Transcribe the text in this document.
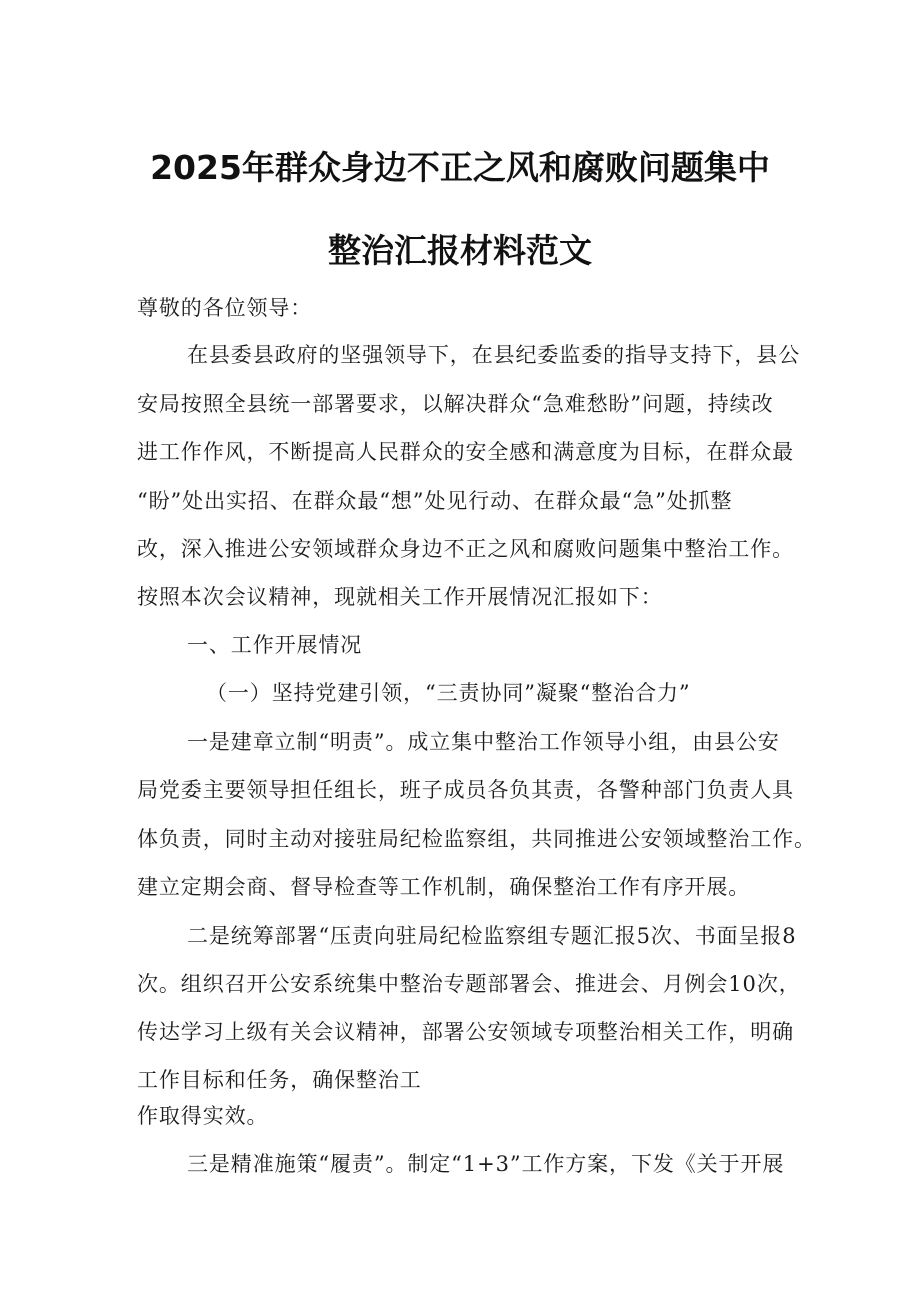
2025年群众身边不正之风和腐败问题集中
整治汇报材料范文
尊敬的各位领导：
在县委县政府的坚强领导下，在县纪委监委的指导支持下，县公
安局按照全县统一部署要求，以解决群众“急难愁盼”问题，持续改
进工作作风，不断提高人民群众的安全感和满意度为目标，在群众最
“盼”处出实招、在群众最“想”处见行动、在群众最“急”处抓整
改，深入推进公安领域群众身边不正之风和腐败问题集中整治工作。
按照本次会议精神，现就相关工作开展情况汇报如下：
一、工作开展情况
（一）坚持党建引领，“三责协同”凝聚“整治合力”
一是建章立制“明责”。成立集中整治工作领导小组，由县公安
局党委主要领导担任组长，班子成员各负其责，各警种部门负责人具
体负责，同时主动对接驻局纪检监察组，共同推进公安领域整治工作。
建立定期会商、督导检查等工作机制，确保整治工作有序开展。
二是统筹部署“压责向驻局纪检监察组专题汇报5次、书面呈报8
次。组织召开公安系统集中整治专题部署会、推进会、月例会10次，
传达学习上级有关会议精神，部署公安领域专项整治相关工作，明确
工作目标和任务，确保整治工
作取得实效。
三是精准施策“履责”。制定“1+3”工作方案，下发《关于开展
